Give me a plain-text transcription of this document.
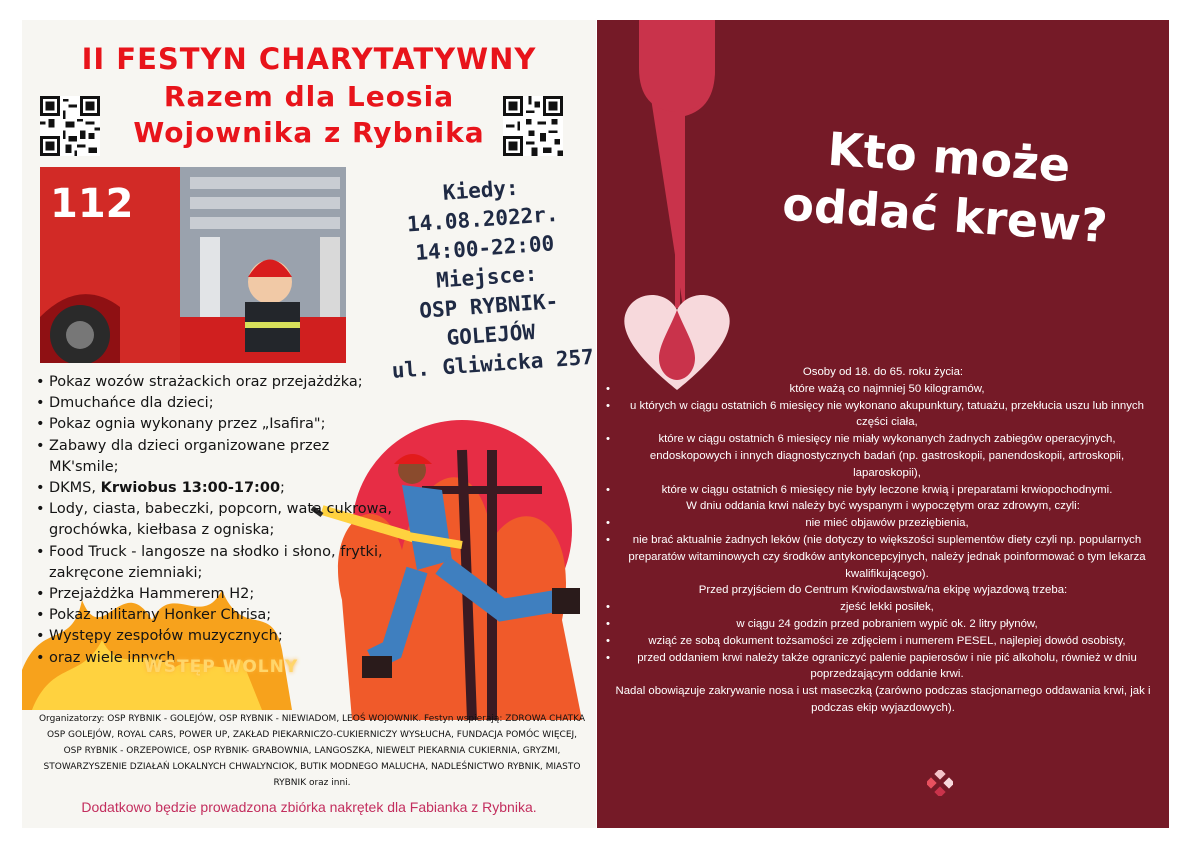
II FESTYN CHARYTATYWNY
Razem dla Leosia
Wojownika z Rybnika
112	Kiedy:
14.08.2022r.
14:00-22:00
Miejsce:
OSP RYBNIK-
GOLEJÓW
ul. Gliwicka 257
• Pokaz wozów strażackich oraz przejażdżka;
• Dmuchańce dla dzieci;
• Pokaz ognia wykonany przez „Isafira";
• Zabawy dla dzieci organizowane przez MK'smile;
• DKMS, Krwiobus 13:00-17:00;
• Lody, ciasta, babeczki, popcorn, wata cukrowa, grochówka, kiełbasa z ogniska;
• Food Truck - langosze na słodko i słono, frytki, zakręcone ziemniaki;
• Przejażdżka Hammerem H2;
• Pokaz militarny Honker Chrisa;
• Występy zespołów muzycznych;
• oraz wiele innych.
WSTĘP WOLNY
Organizatorzy: OSP RYBNIK - GOLEJÓW, OSP RYBNIK - NIEWIADOM, LEOŚ WOJOWNIK. Festyn wspierają: ZDROWA CHATKA OSP GOLEJÓW, ROYAL CARS, POWER UP, ZAKŁAD PIEKARNICZO-CUKIERNICZY WYSŁUCHA, FUNDACJA POMÓC WIĘCEJ, OSP RYBNIK - ORZEPOWICE, OSP RYBNIK- GRABOWNIA, LANGOSZKA, NIEWELT PIEKARNIA CUKIERNIA, GRYZMI, STOWARZYSZENIE DZIAŁAŃ LOKALNYCH CHWALYNCIOK, BUTIK MODNEGO MALUCHA, NADLEŚNICTWO RYBNIK, MIASTO RYBNIK oraz inni.
Dodatkowo będzie prowadzona zbiórka nakrętek dla Fabianka z Rybnika.
Kto może
oddać krew?
Osoby od 18. do 65. roku życia:
• które ważą co najmniej 50 kilogramów,
• u których w ciągu ostatnich 6 miesięcy nie wykonano akupunktury, tatuażu, przekłucia uszu lub innych części ciała,
• które w ciągu ostatnich 6 miesięcy nie miały wykonanych żadnych zabiegów operacyjnych, endoskopowych i innych diagnostycznych badań (np. gastroskopii, panendoskopii, artroskopii, laparoskopii),
• które w ciągu ostatnich 6 miesięcy nie były leczone krwią i preparatami krwiopochodnymi.
W dniu oddania krwi należy być wyspanym i wypoczętym oraz zdrowym, czyli:
• nie mieć objawów przeziębienia,
• nie brać aktualnie żadnych leków (nie dotyczy to większości suplementów diety czyli np. popularnych preparatów witaminowych czy środków antykoncepcyjnych, należy jednak poinformować o tym lekarza kwalifikującego).
Przed przyjściem do Centrum Krwiodawstwa/na ekipę wyjazdową trzeba:
• zjeść lekki posiłek,
• w ciągu 24 godzin przed pobraniem wypić ok. 2 litry płynów,
• wziąć ze sobą dokument tożsamości ze zdjęciem i numerem PESEL, najlepiej dowód osobisty,
• przed oddaniem krwi należy także ograniczyć palenie papierosów i nie pić alkoholu, również w dniu poprzedzającym oddanie krwi.
Nadal obowiązuje zakrywanie nosa i ust maseczką (zarówno podczas stacjonarnego oddawania krwi, jak i podczas ekip wyjazdowych).
